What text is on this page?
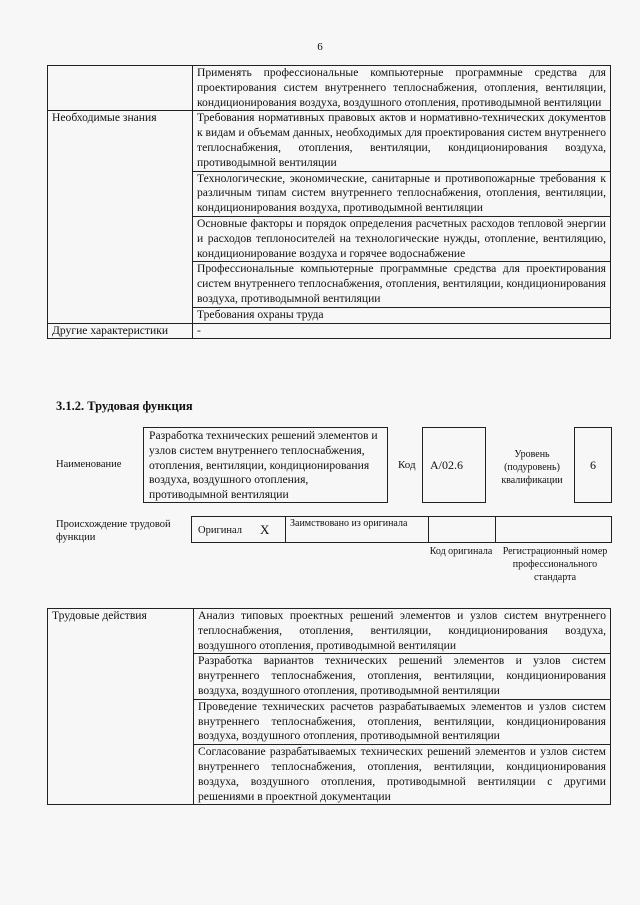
6
	Применять профессиональные компьютерные программные средства для проектирования систем внутреннего теплоснабжения, отопления, вентиляции, кондиционирования воздуха, воздушного отопления, противодымной вентиляции
Необходимые знания	Требования нормативных правовых актов и нормативно-технических документов к видам и объемам данных, необходимых для проектирования систем внутреннего теплоснабжения, отопления, вентиляции, кондиционирования воздуха, противодымной вентиляции
	Технологические, экономические, санитарные и противопожарные требования к различным типам систем внутреннего теплоснабжения, отопления, вентиляции, кондиционирования воздуха, противодымной вентиляции
	Основные факторы и порядок определения расчетных расходов тепловой энергии и расходов теплоносителей на технологические нужды, отопление, вентиляцию, кондиционирование воздуха и горячее водоснабжение
	Профессиональные компьютерные программные средства для проектирования систем внутреннего теплоснабжения, отопления, вентиляции, кондиционирования воздуха, противодымной вентиляции
	Требования охраны труда
Другие характеристики	-
3.1.2. Трудовая функция
Наименование
Разработка технических решений элементов и узлов систем внутреннего теплоснабжения, отопления, вентиляции, кондиционирования воздуха, воздушного отопления, противодымной вентиляции
Код	A/02.6
Уровень (подуровень) квалификации
6
Происхождение трудовой функции
Оригинал X Заимствовано из оригинала
Код оригинала Регистрационный номер профессионального стандарта
Трудовые действия	Анализ типовых проектных решений элементов и узлов систем внутреннего теплоснабжения, отопления, вентиляции, кондиционирования воздуха, воздушного отопления, противодымной вентиляции
Разработка вариантов технических решений элементов и узлов систем внутреннего теплоснабжения, отопления, вентиляции, кондиционирования воздуха, воздушного отопления, противодымной вентиляции
Проведение технических расчетов разрабатываемых элементов и узлов систем внутреннего теплоснабжения, отопления, вентиляции, кондиционирования воздуха, воздушного отопления, противодымной вентиляции
Согласование разрабатываемых технических решений элементов и узлов систем внутреннего теплоснабжения, отопления, вентиляции, кондиционирования воздуха, воздушного отопления, противодымной вентиляции с другими решениями в проектной документации
